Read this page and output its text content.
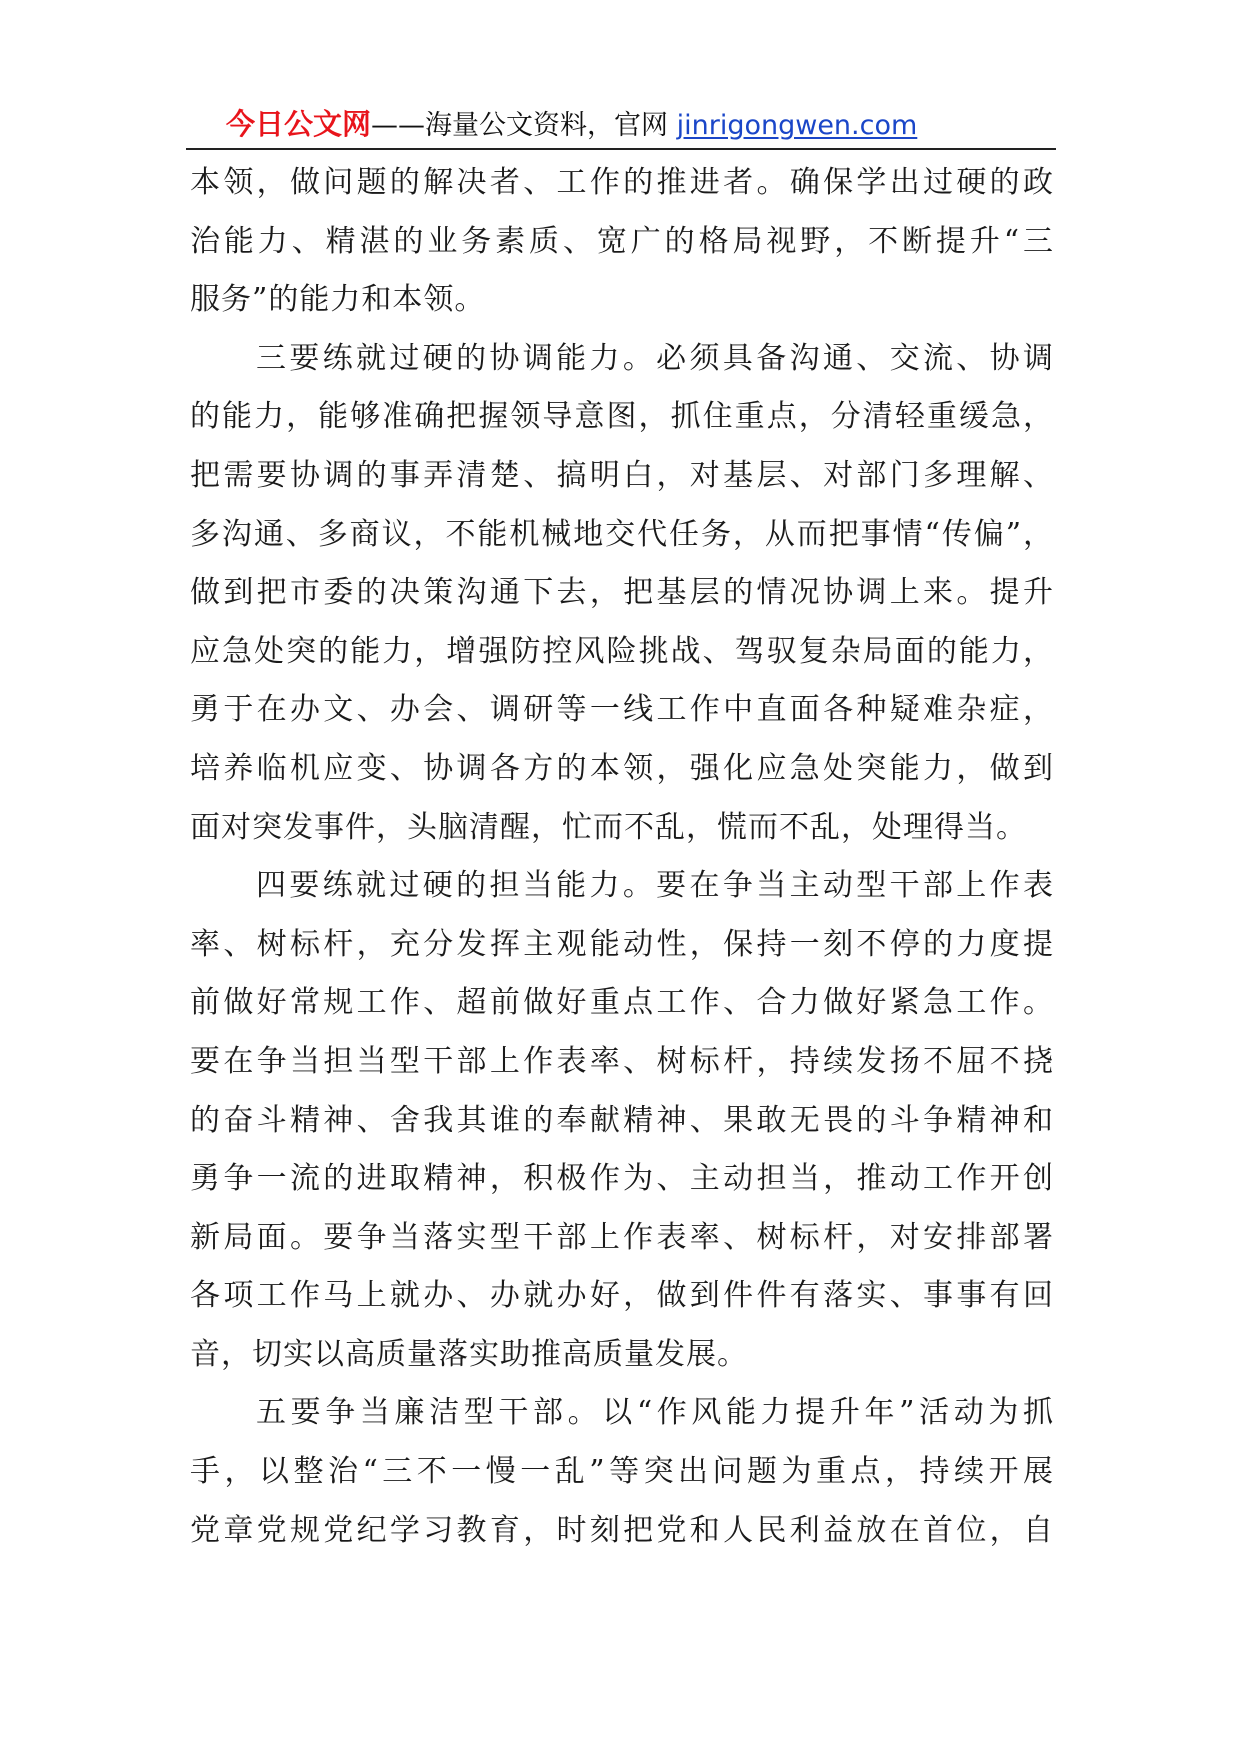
今日公文网——海量公文资料，官网 jinrigongwen.com
本领，做问题的解决者、工作的推进者。确保学出过硬的政
治能力、精湛的业务素质、宽广的格局视野，不断提升“三
服务”的能力和本领。
三要练就过硬的协调能力。必须具备沟通、交流、协调
的能力，能够准确把握领导意图，抓住重点，分清轻重缓急，
把需要协调的事弄清楚、搞明白，对基层、对部门多理解、
多沟通、多商议，不能机械地交代任务，从而把事情“传偏”，
做到把市委的决策沟通下去，把基层的情况协调上来。提升
应急处突的能力，增强防控风险挑战、驾驭复杂局面的能力，
勇于在办文、办会、调研等一线工作中直面各种疑难杂症，
培养临机应变、协调各方的本领，强化应急处突能力，做到
面对突发事件，头脑清醒，忙而不乱，慌而不乱，处理得当。
四要练就过硬的担当能力。要在争当主动型干部上作表
率、树标杆，充分发挥主观能动性，保持一刻不停的力度提
前做好常规工作、超前做好重点工作、合力做好紧急工作。
要在争当担当型干部上作表率、树标杆，持续发扬不屈不挠
的奋斗精神、舍我其谁的奉献精神、果敢无畏的斗争精神和
勇争一流的进取精神，积极作为、主动担当，推动工作开创
新局面。要争当落实型干部上作表率、树标杆，对安排部署
各项工作马上就办、办就办好，做到件件有落实、事事有回
音，切实以高质量落实助推高质量发展。
五要争当廉洁型干部。以“作风能力提升年”活动为抓
手，以整治“三不一慢一乱”等突出问题为重点，持续开展
党章党规党纪学习教育，时刻把党和人民利益放在首位，自
